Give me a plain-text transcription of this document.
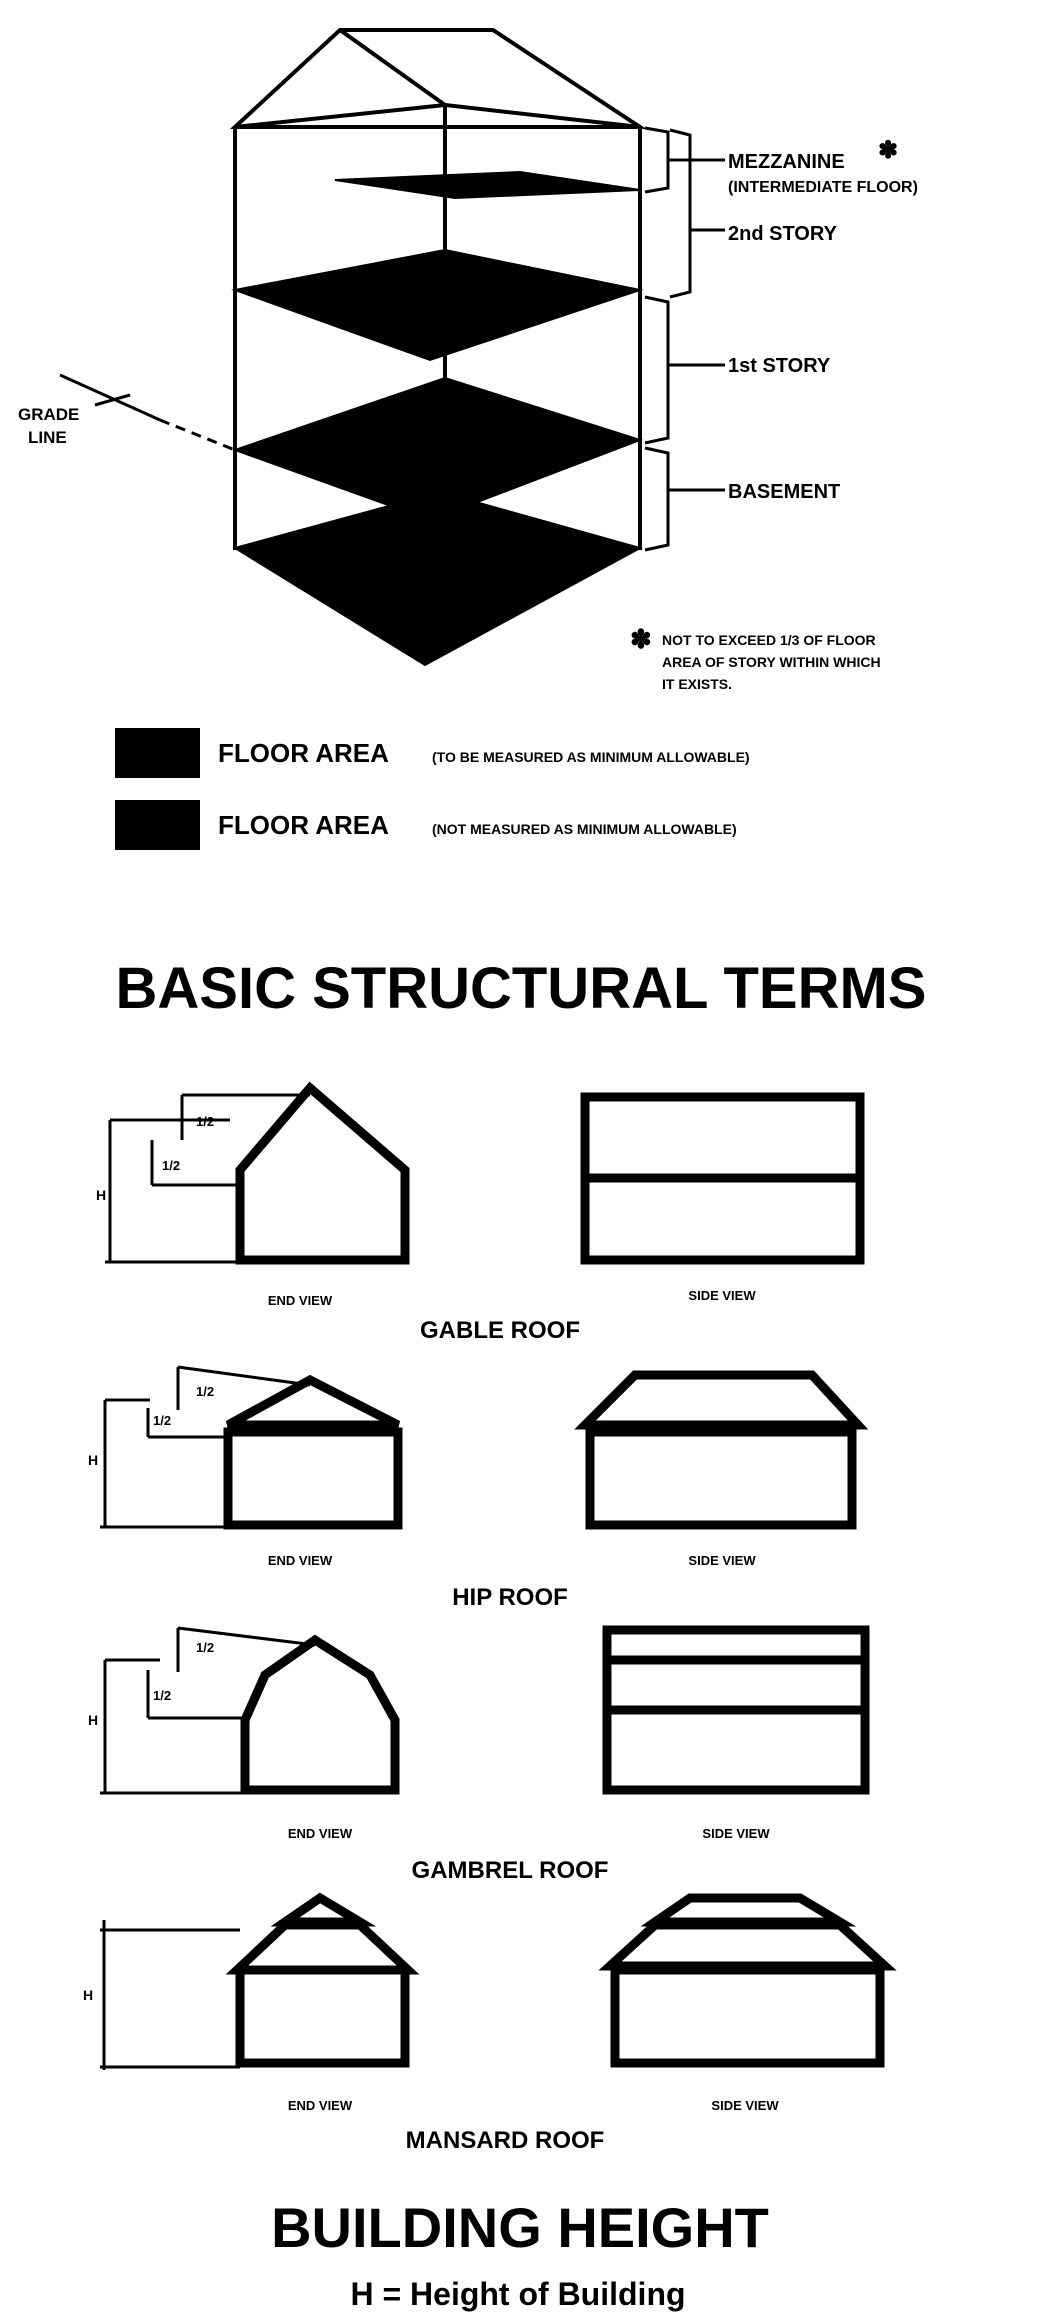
GRADE
LINE
MEZZANINE ✽
(INTERMEDIATE FLOOR)
2nd STORY
1st STORY
BASEMENT
✽ NOT TO EXCEED 1/3 OF FLOOR
AREA OF STORY WITHIN WHICH
IT EXISTS.
FLOOR AREA	(TO BE MEASURED AS MINIMUM ALLOWABLE)
FLOOR AREA	(NOT MEASURED AS MINIMUM ALLOWABLE)
BASIC STRUCTURAL TERMS
H
1/2
1/2
END VIEW	SIDE VIEW
GABLE ROOF
H
1/2
1/2
END VIEW	SIDE VIEW
HIP ROOF
H
1/2
1/2
END VIEW	SIDE VIEW
GAMBREL ROOF
H
END VIEW	SIDE VIEW
MANSARD ROOF
BUILDING HEIGHT
H = Height of Building
